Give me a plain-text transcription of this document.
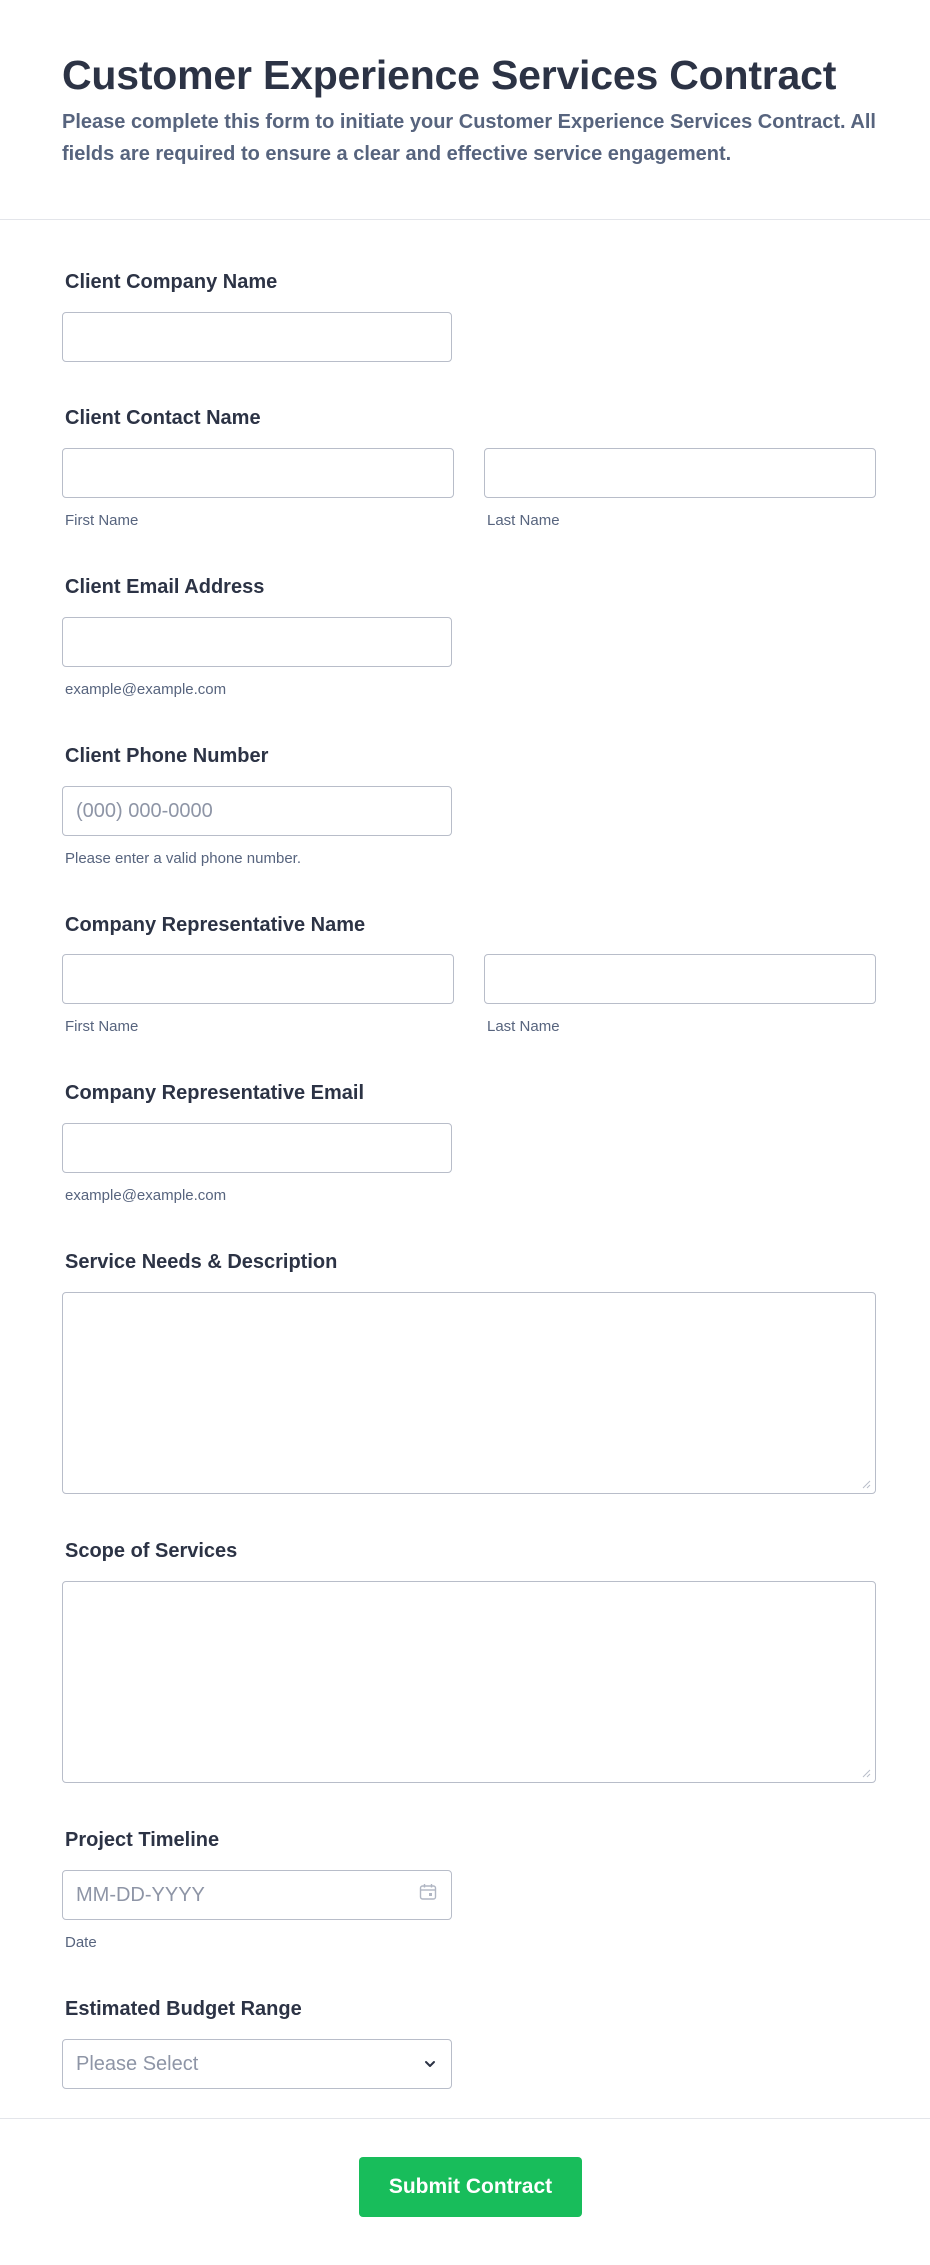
Customer Experience Services Contract

Please complete this form to initiate your Customer Experience Services Contract. All fields are required to ensure a clear and effective service engagement.

Client Company Name
Client Contact Name
First Name	Last Name
Client Email Address
example@example.com
Client Phone Number
(000) 000-0000
Please enter a valid phone number.
Company Representative Name
First Name	Last Name
Company Representative Email
example@example.com
Service Needs & Description
Scope of Services
Project Timeline
MM-DD-YYYY
Date
Estimated Budget Range
Please Select
Submit Contract
